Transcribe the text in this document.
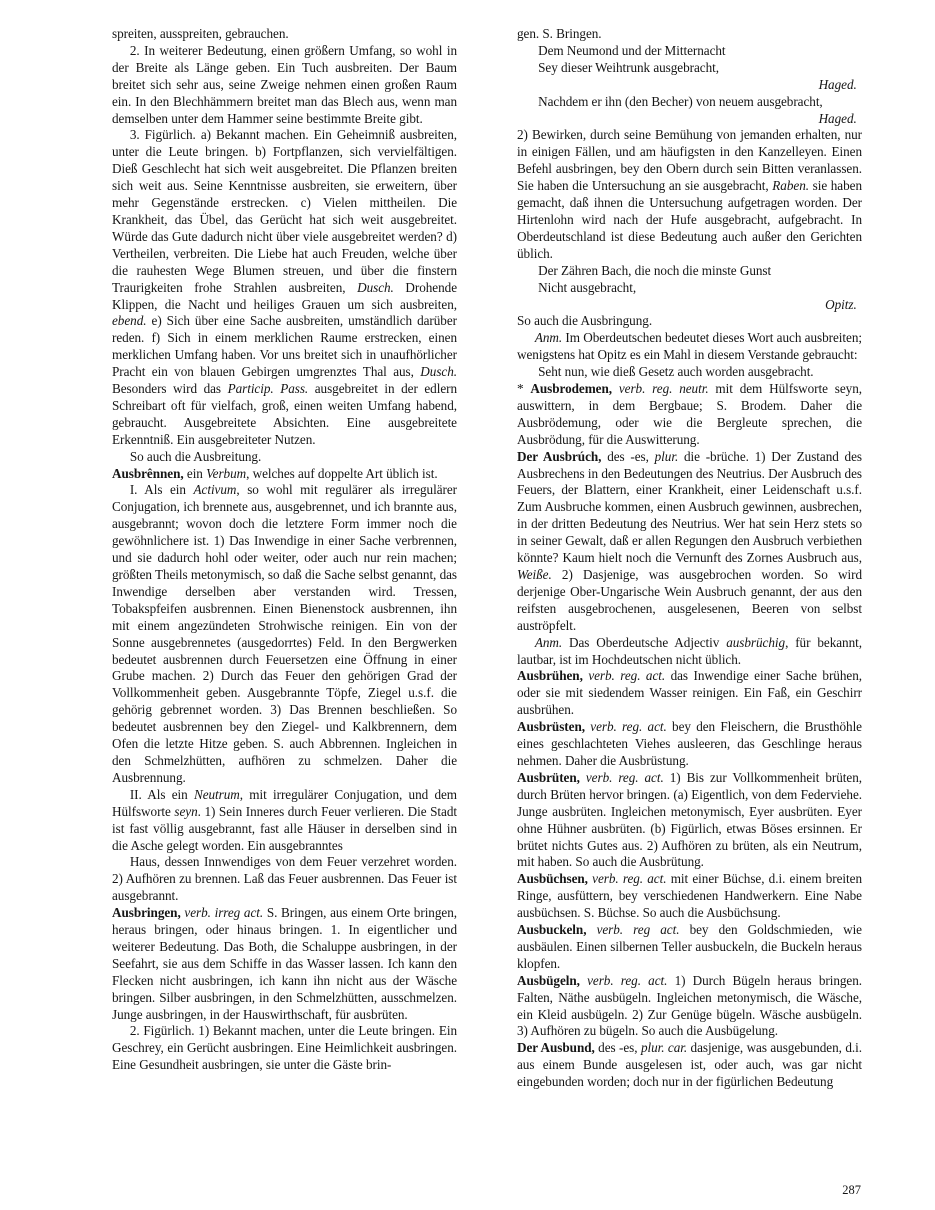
spreiten, ausspreiten, gebrauchen.

2. In weiterer Bedeutung, einen größern Umfang, so wohl in der Breite als Länge geben. Ein Tuch ausbreiten. Der Baum breitet sich sehr aus, seine Zweige nehmen einen großen Raum ein. In den Blechhämmern breitet man das Blech aus, wenn man demselben unter dem Hammer seine bestimmte Breite gibt.

3. Figürlich. a) Bekannt machen. Ein Geheimniß ausbreiten, unter die Leute bringen. b) Fortpflanzen, sich vervielfältigen. Dieß Geschlecht hat sich weit ausgebreitet. Die Pflanzen breiten sich weit aus. Seine Kenntnisse ausbreiten, sie erweitern, über mehr Gegenstände erstrecken. c) Vielen mittheilen. Die Krankheit, das Übel, das Gerücht hat sich weit ausgebreitet. Würde das Gute dadurch nicht über viele ausgebreitet werden? d) Vertheilen, verbreiten. Die Liebe hat auch Freuden, welche über die rauhesten Wege Blumen streuen, und über die finstern Traurigkeiten frohe Strahlen ausbreiten, Dusch. Drohende Klippen, die Nacht und heiliges Grauen um sich ausbreiten, ebend. e) Sich über eine Sache ausbreiten, umständlich darüber reden. f) Sich in einem merklichen Raume erstrecken, einen merklichen Umfang haben. Vor uns breitet sich in unaufhörlicher Pracht ein von blauen Gebirgen umgrenztes Thal aus, Dusch. Besonders wird das Particip. Pass. ausgebreitet in der edlern Schreibart oft für vielfach, groß, einen weiten Umfang habend, gebraucht. Ausgebreitete Absichten. Eine ausgebreitete Erkenntniß. Ein ausgebreiteter Nutzen.

So auch die Ausbreitung.

Ausbrênnen, ein Verbum, welches auf doppelte Art üblich ist.

I. Als ein Activum, so wohl mit regulärer als irregulärer Conjugation, ich brennete aus, ausgebrennet, und ich brannte aus, ausgebrannt; wovon doch die letztere Form immer noch die gewöhnlichere ist. 1) Das Inwendige in einer Sache verbrennen, und sie dadurch hohl oder weiter, oder auch nur rein machen; größten Theils metonymisch, so daß die Sache selbst genannt, das Inwendige derselben aber verstanden wird. Tressen, Tobakspfeifen ausbrennen. Einen Bienenstock ausbrennen, ihn mit einem angezündeten Strohwische reinigen. Ein von der Sonne ausgebrennetes (ausgedorrtes) Feld. In den Bergwerken bedeutet ausbrennen durch Feuersetzen eine Öffnung in einer Grube machen. 2) Durch das Feuer den gehörigen Grad der Vollkommenheit geben. Ausgebrannte Töpfe, Ziegel u.s.f. die gehörig gebrennet worden. 3) Das Brennen beschließen. So bedeutet ausbrennen bey den Ziegel- und Kalkbrennern, dem Ofen die letzte Hitze geben. S. auch Abbrennen. Ingleichen in den Schmelzhütten, aufhören zu schmelzen. Daher die Ausbrennung.

II. Als ein Neutrum, mit irregulärer Conjugation, und dem Hülfsworte seyn. 1) Sein Inneres durch Feuer verlieren. Die Stadt ist fast völlig ausgebrannt, fast alle Häuser in derselben sind in die Asche gelegt worden. Ein ausgebranntes

Haus, dessen Innwendiges von dem Feuer verzehret worden. 2) Aufhören zu brennen. Laß das Feuer ausbrennen. Das Feuer ist ausgebrannt.

Ausbringen, verb. irreg act. S. Bringen, aus einem Orte bringen, heraus bringen, oder hinaus bringen. 1. In eigentlicher und weiterer Bedeutung. Das Both, die Schaluppe ausbringen, in der Seefahrt, sie aus dem Schiffe in das Wasser lassen. Ich kann den Flecken nicht ausbringen, ich kann ihn nicht aus der Wäsche bringen. Silber ausbringen, in den Schmelzhütten, ausschmelzen. Junge ausbringen, in der Hauswirthschaft, für ausbrüten.

2. Figürlich. 1) Bekannt machen, unter die Leute bringen. Ein Geschrey, ein Gerücht ausbringen. Eine Heimlichkeit ausbringen. Eine Gesundheit ausbringen, sie unter die Gäste brin-

gen. S. Bringen.

Dem Neumond und der Mitternacht

Sey dieser Weihtrunk ausgebracht,

Haged.

Nachdem er ihn (den Becher) von neuem ausgebracht,

Haged.

2) Bewirken, durch seine Bemühung von jemanden erhalten, nur in einigen Fällen, und am häufigsten in den Kanzelleyen. Einen Befehl ausbringen, bey den Obern durch sein Bitten veranlassen. Sie haben die Untersuchung an sie ausgebracht, Raben. sie haben gemacht, daß ihnen die Untersuchung aufgetragen worden. Der Hirtenlohn wird nach der Hufe ausgebracht, aufgebracht. In Oberdeutschland ist diese Bedeutung auch außer den Gerichten üblich.

Der Zähren Bach, die noch die minste Gunst

Nicht ausgebracht,

Opitz.

So auch die Ausbringung.

Anm. Im Oberdeutschen bedeutet dieses Wort auch ausbreiten; wenigstens hat Opitz es ein Mahl in diesem Verstande gebraucht:

Seht nun, wie dieß Gesetz auch worden ausgebracht.

* Ausbrodemen, verb. reg. neutr. mit dem Hülfsworte seyn, auswittern, in dem Bergbaue; S. Brodem. Daher die Ausbrödemung, oder wie die Bergleute sprechen, die Ausbrödung, für die Auswitterung.

Der Ausbrúch, des -es, plur. die -brüche. 1) Der Zustand des Ausbrechens in den Bedeutungen des Neutrius. Der Ausbruch des Feuers, der Blattern, einer Krankheit, einer Leidenschaft u.s.f. Zum Ausbruche kommen, einen Ausbruch gewinnen, ausbrechen, in der dritten Bedeutung des Neutrius. Wer hat sein Herz stets so in seiner Gewalt, daß er allen Regungen den Ausbruch verbiethen könnte? Kaum hielt noch die Vernunft des Zornes Ausbruch aus, Weiße. 2) Dasjenige, was ausgebrochen worden. So wird derjenige Ober-Ungarische Wein Ausbruch genannt, der aus den reifsten ausgebrochenen, ausgelesenen, Beeren von selbst auströpfelt.

Anm. Das Oberdeutsche Adjectiv ausbrüchig, für bekannt, lautbar, ist im Hochdeutschen nicht üblich.

Ausbrühen, verb. reg. act. das Inwendige einer Sache brühen, oder sie mit siedendem Wasser reinigen. Ein Faß, ein Geschirr ausbrühen.

Ausbrüsten, verb. reg. act. bey den Fleischern, die Brusthöhle eines geschlachteten Viehes ausleeren, das Geschlinge heraus nehmen. Daher die Ausbrüstung.

Ausbrüten, verb. reg. act. 1) Bis zur Vollkommenheit brüten, durch Brüten hervor bringen. (a) Eigentlich, von dem Federviehe. Junge ausbrüten. Ingleichen metonymisch, Eyer ausbrüten. Eyer ohne Hühner ausbrüten. (b) Figürlich, etwas Böses ersinnen. Er brütet nichts Gutes aus. 2) Aufhören zu brüten, als ein Neutrum, mit haben. So auch die Ausbrütung.

Ausbüchsen, verb. reg. act. mit einer Büchse, d.i. einem breiten Ringe, ausfüttern, bey verschiedenen Handwerkern. Eine Nabe ausbüchsen. S. Büchse. So auch die Ausbüchsung.

Ausbuckeln, verb. reg act. bey den Goldschmieden, wie ausbäulen. Einen silbernen Teller ausbuckeln, die Buckeln heraus klopfen.

Ausbügeln, verb. reg. act. 1) Durch Bügeln heraus bringen. Falten, Näthe ausbügeln. Ingleichen metonymisch, die Wäsche, ein Kleid ausbügeln. 2) Zur Genüge bügeln. Wäsche ausbügeln. 3) Aufhören zu bügeln. So auch die Ausbügelung.

Der Ausbund, des -es, plur. car. dasjenige, was ausgebunden, d.i. aus einem Bunde ausgelesen ist, oder auch, was gar nicht eingebunden worden; doch nur in der figürlichen Bedeutung

287
